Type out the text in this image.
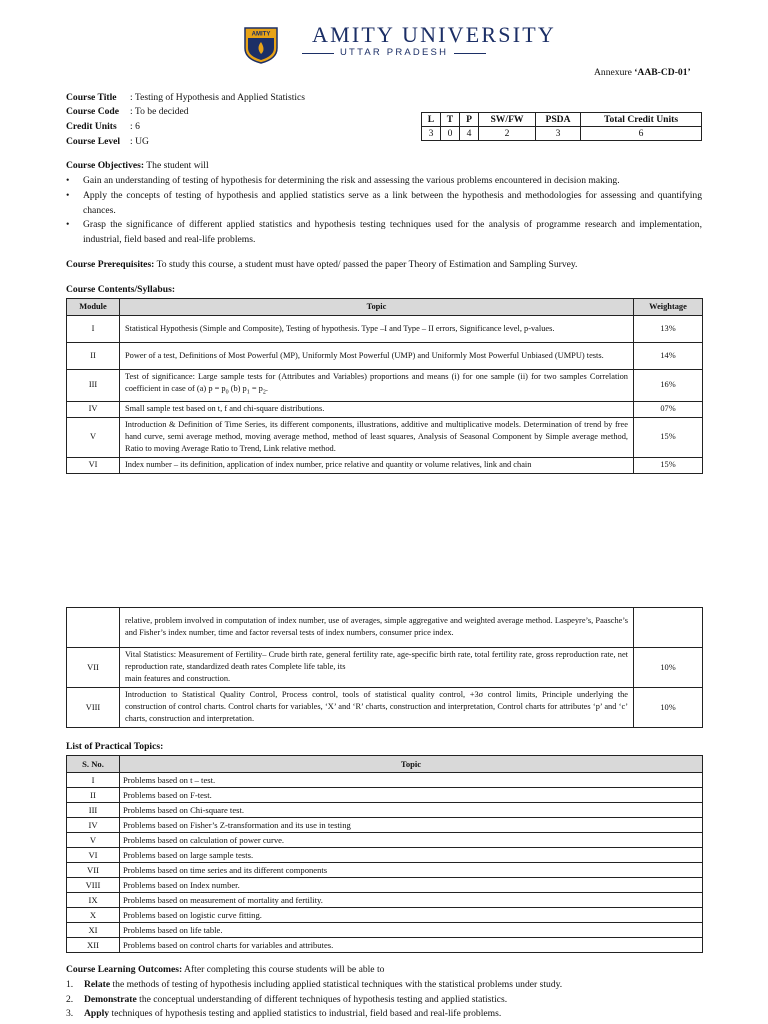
AMITY AMITY UNIVERSITY
UTTAR PRADESH
Annexure ‘AAB-CD-01’
Course Title : Testing of Hypothesis and Applied Statistics
Course Code : To be decided
Credit Units : 6
Course Level : UG
L	T	P	SW/FW	PSDA	Total Credit Units
3	0	4	2	3	6
Course Objectives: The student will
• Gain an understanding of testing of hypothesis for determining the risk and assessing the various problems encountered in decision making.
• Apply the concepts of testing of hypothesis and applied statistics serve as a link between the hypothesis and methodologies for assessing and quantifying chances.
• Grasp the significance of different applied statistics and hypothesis testing techniques used for the analysis of programme research and implementation, industrial, field based and real-life problems.
Course Prerequisites: To study this course, a student must have opted/ passed the paper Theory of Estimation and Sampling Survey.
Course Contents/Syllabus:
Module	Topic	Weightage
I	Statistical Hypothesis (Simple and Composite), Testing of hypothesis. Type –I and Type – II errors, Significance level, p-values.	13%
II	Power of a test, Definitions of Most Powerful (MP), Uniformly Most Powerful (UMP) and Uniformly Most Powerful Unbiased (UMPU) tests.	14%
III	Test of significance: Large sample tests for (Attributes and Variables) proportions and means (i) for one sample (ii) for two samples Correlation coefficient in case of (a) $p = p_0$ (b) $p_1 = p_2$.	16%
IV	Small sample test based on t, f and chi-square distributions.	07%
V	Introduction & Definition of Time Series, its different components, illustrations, additive and multiplicative models. Determination of trend by free hand curve, semi average method, moving average method, method of least squares, Analysis of Seasonal Component by Simple average method, Ratio to moving Average Ratio to Trend, Link relative method.	15%
VI	Index number – its definition, application of index number, price relative and quantity or volume relatives, link and chain	15%
	relative, problem involved in computation of index number, use of averages, simple aggregative and weighted average method. Laspeyre’s, Paasche’s and Fisher’s index number, time and factor reversal tests of index numbers, consumer price index.	
VII	Vital Statistics: Measurement of Fertility– Crude birth rate, general fertility rate, age-specific birth rate, total fertility rate, gross reproduction rate, net reproduction rate, standardized death rates Complete life table, its
main features and construction.	10%
VIII	Introduction to Statistical Quality Control, Process control, tools of statistical quality control, +3σ control limits, Principle underlying the construction of control charts. Control charts for variables, ‘X’ and ‘R’ charts, construction and interpretation, Control charts for attributes ‘p’ and ‘c’ charts, construction and interpretation.	10%
List of Practical Topics:
S. No.	Topic
I	Problems based on t – test.
II	Problems based on F-test.
III	Problems based on Chi-square test.
IV	Problems based on Fisher’s Z-transformation and its use in testing
V	Problems based on calculation of power curve.
VI	Problems based on large sample tests.
VII	Problems based on time series and its different components
VIII	Problems based on Index number.
IX	Problems based on measurement of mortality and fertility.
X	Problems based on logistic curve fitting.
XI	Problems based on life table.
XII	Problems based on control charts for variables and attributes.
Course Learning Outcomes: After completing this course students will be able to
1. Relate the methods of testing of hypothesis including applied statistical techniques with the statistical problems under study.
2. Demonstrate the conceptual understanding of different techniques of hypothesis testing and applied statistics.
3. Apply techniques of hypothesis testing and applied statistics to industrial, field based and real-life problems.
